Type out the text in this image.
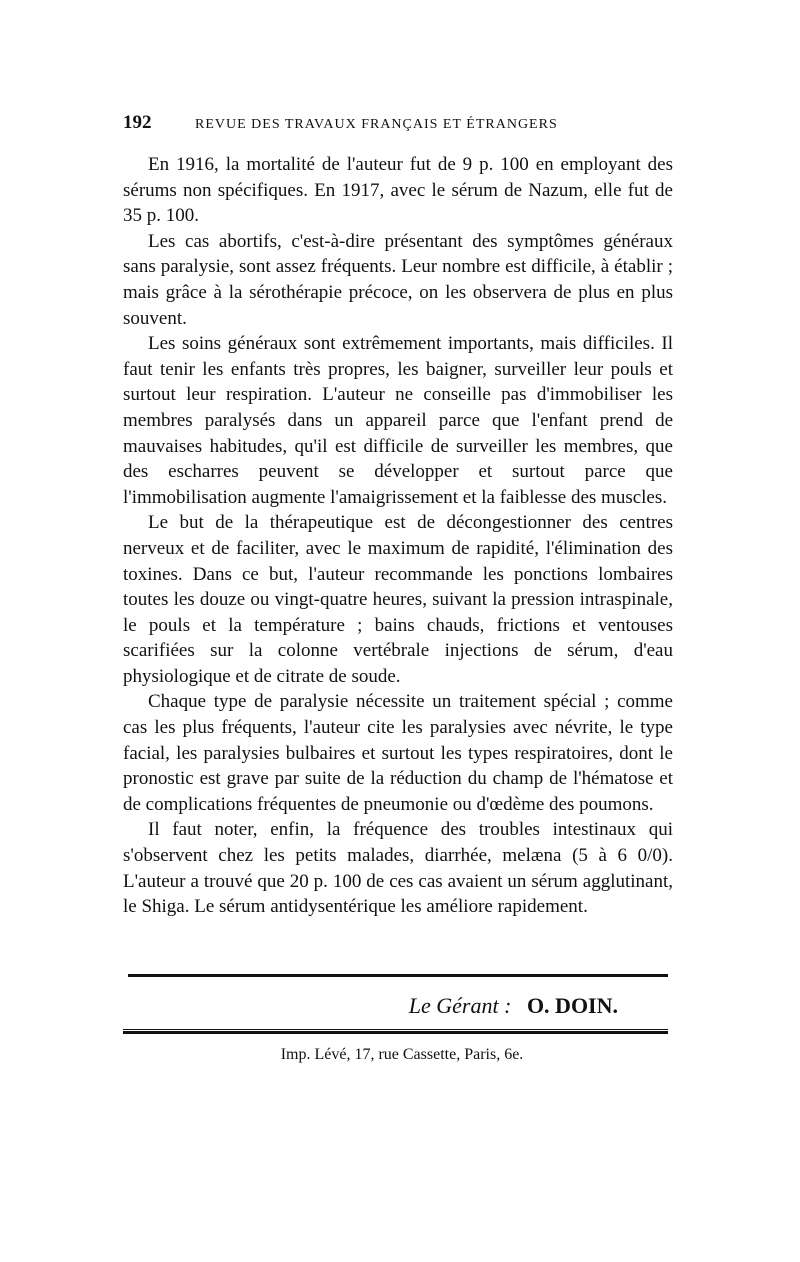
192	REVUE DES TRAVAUX FRANÇAIS ET ÉTRANGERS

En 1916, la mortalité de l'auteur fut de 9 p. 100 en employant des sérums non spécifiques. En 1917, avec le sérum de Nazum, elle fut de 35 p. 100.

Les cas abortifs, c'est-à-dire présentant des symptômes généraux sans paralysie, sont assez fréquents. Leur nombre est difficile, à établir ; mais grâce à la sérothérapie précoce, on les observera de plus en plus souvent.

Les soins généraux sont extrêmement importants, mais difficiles. Il faut tenir les enfants très propres, les baigner, surveiller leur pouls et surtout leur respiration. L'auteur ne conseille pas d'immobiliser les membres paralysés dans un appareil parce que l'enfant prend de mauvaises habitudes, qu'il est difficile de surveiller les membres, que des escharres peuvent se développer et surtout parce que l'immobilisation augmente l'amaigrissement et la faiblesse des muscles.

Le but de la thérapeutique est de décongestionner des centres nerveux et de faciliter, avec le maximum de rapidité, l'élimination des toxines. Dans ce but, l'auteur recommande les ponctions lombaires toutes les douze ou vingt-quatre heures, suivant la pression intraspinale, le pouls et la température ; bains chauds, frictions et ventouses scarifiées sur la colonne vertébrale injections de sérum, d'eau physiologique et de citrate de soude.

Chaque type de paralysie nécessite un traitement spécial ; comme cas les plus fréquents, l'auteur cite les paralysies avec névrite, le type facial, les paralysies bulbaires et surtout les types respiratoires, dont le pronostic est grave par suite de la réduction du champ de l'hématose et de complications fréquentes de pneumonie ou d'œdème des poumons.

Il faut noter, enfin, la fréquence des troubles intestinaux qui s'observent chez les petits malades, diarrhée, melæna (5 à 6 0/0). L'auteur a trouvé que 20 p. 100 de ces cas avaient un sérum agglutinant, le Shiga. Le sérum antidysentérique les améliore rapidement.

Le Gérant : O. DOIN.
Imp. Lévé, 17, rue Cassette, Paris, 6e.
